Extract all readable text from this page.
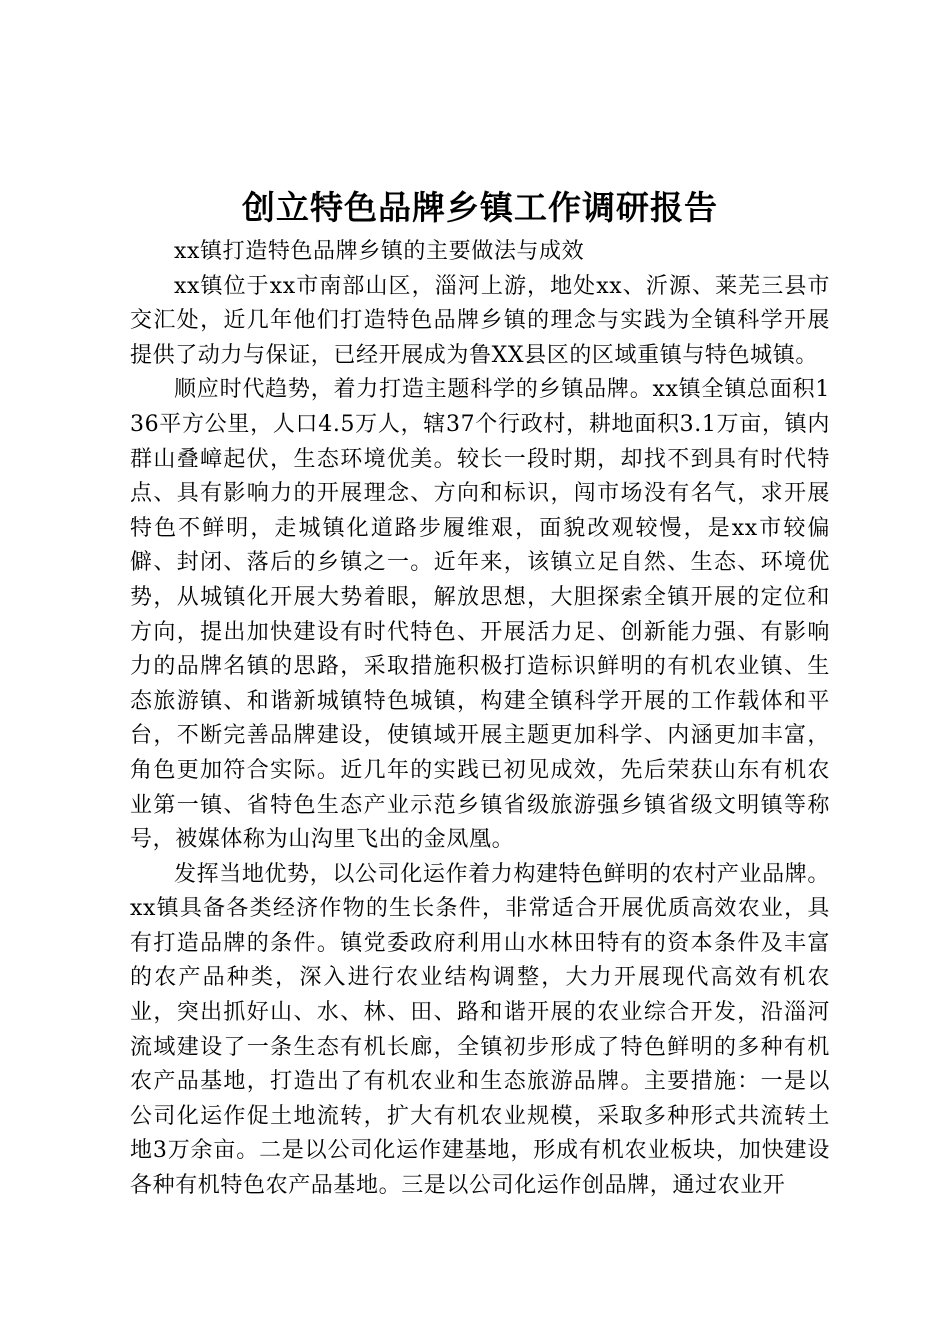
创立特色品牌乡镇工作调研报告

xx镇打造特色品牌乡镇的主要做法与成效

xx镇位于xx市南部山区，淄河上游，地处xx、沂源、莱芜三县市交汇处，近几年他们打造特色品牌乡镇的理念与实践为全镇科学开展提供了动力与保证，已经开展成为鲁XX县区的区域重镇与特色城镇。

顺应时代趋势，着力打造主题科学的乡镇品牌。xx镇全镇总面积136平方公里，人口4.5万人，辖37个行政村，耕地面积3.1万亩，镇内群山叠嶂起伏，生态环境优美。较长一段时期，却找不到具有时代特点、具有影响力的开展理念、方向和标识，闯市场没有名气，求开展特色不鲜明，走城镇化道路步履维艰，面貌改观较慢，是xx市较偏僻、封闭、落后的乡镇之一。近年来，该镇立足自然、生态、环境优势，从城镇化开展大势着眼，解放思想，大胆探索全镇开展的定位和方向，提出加快建设有时代特色、开展活力足、创新能力强、有影响力的品牌名镇的思路，采取措施积极打造标识鲜明的有机农业镇、生态旅游镇、和谐新城镇特色城镇，构建全镇科学开展的工作载体和平台，不断完善品牌建设，使镇域开展主题更加科学、内涵更加丰富，角色更加符合实际。近几年的实践已初见成效，先后荣获山东有机农业第一镇、省特色生态产业示范乡镇省级旅游强乡镇省级文明镇等称号，被媒体称为山沟里飞出的金凤凰。

发挥当地优势，以公司化运作着力构建特色鲜明的农村产业品牌。xx镇具备各类经济作物的生长条件，非常适合开展优质高效农业，具有打造品牌的条件。镇党委政府利用山水林田特有的资本条件及丰富的农产品种类，深入进行农业结构调整，大力开展现代高效有机农业，突出抓好山、水、林、田、路和谐开展的农业综合开发，沿淄河流域建设了一条生态有机长廊，全镇初步形成了特色鲜明的多种有机农产品基地，打造出了有机农业和生态旅游品牌。主要措施：一是以公司化运作促土地流转，扩大有机农业规模，采取多种形式共流转土地3万余亩。二是以公司化运作建基地，形成有机农业板块，加快建设各种有机特色农产品基地。三是以公司化运作创品牌，通过农业开
